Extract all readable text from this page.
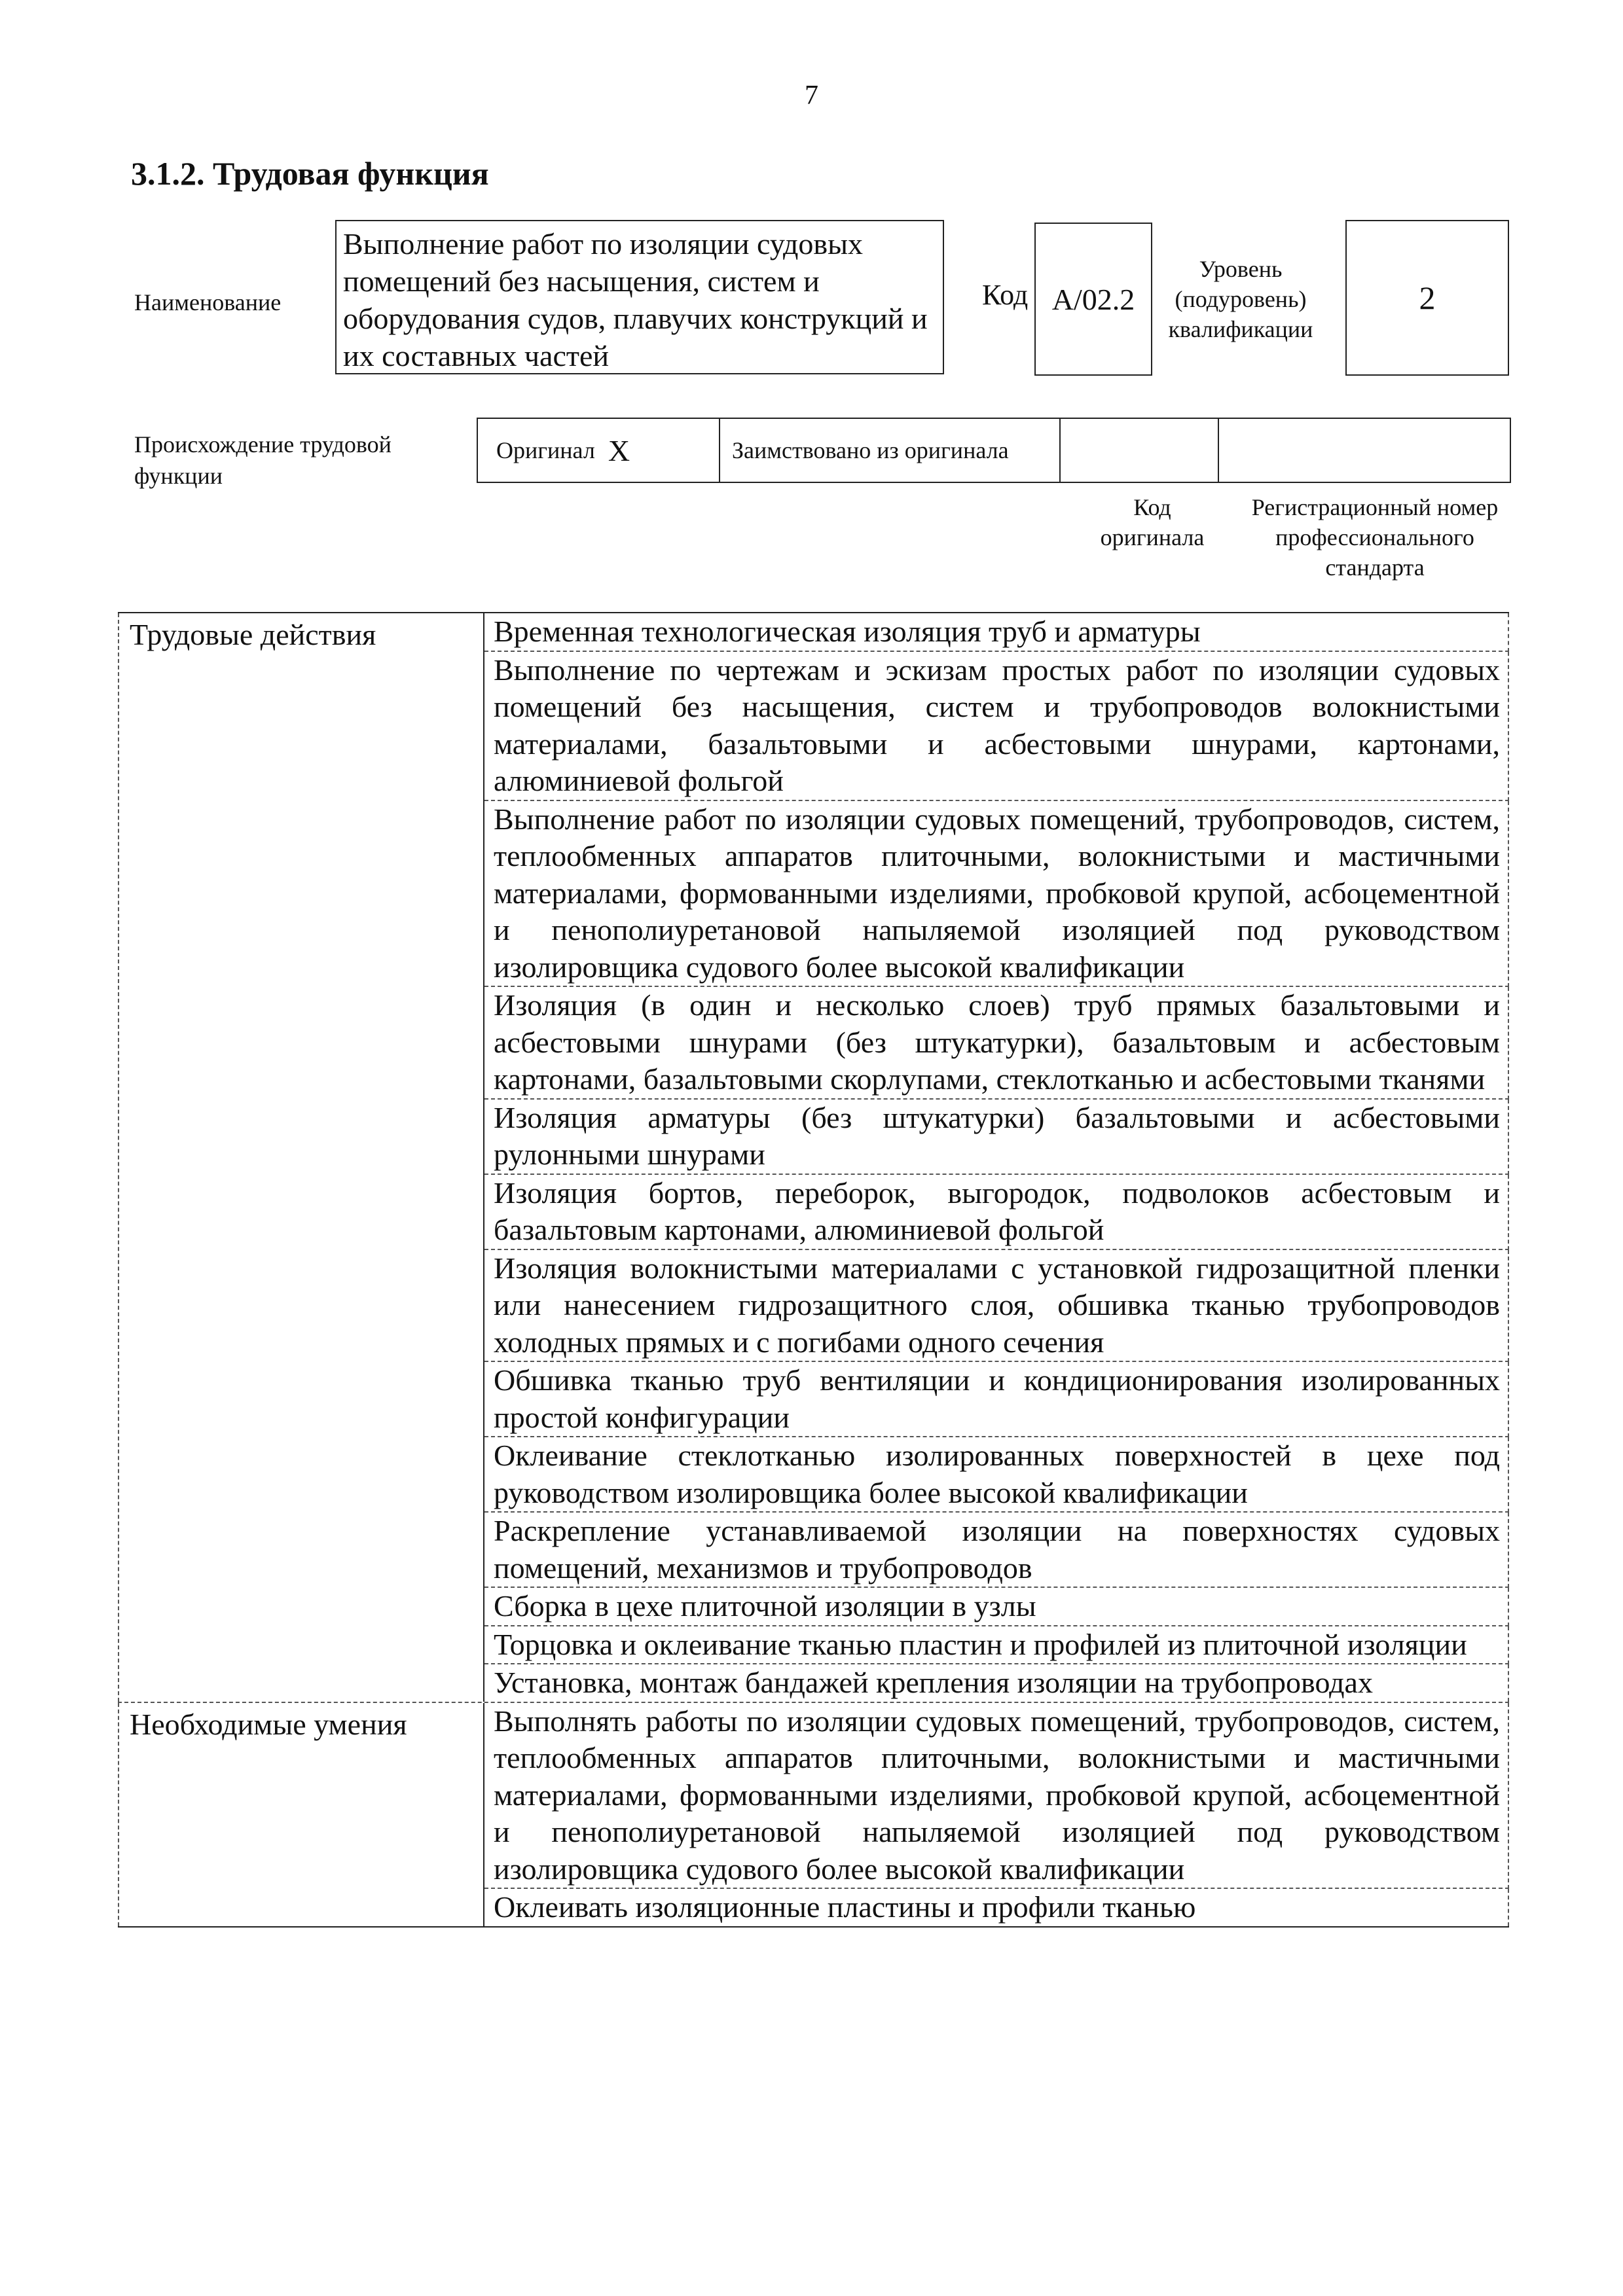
7
3.1.2. Трудовая функция
Наименование
Выполнение работ по изоляции судовых помещений без насыщения, систем и оборудования судов, плавучих конструкций и их составных частей
Код А/02.2
Уровень
(подуровень)
квалификации
2
Происхождение трудовой функции
Оригинал Х	Заимствовано из оригинала
Код
оригинала
Регистрационный номер
профессионального
стандарта
Трудовые действия	Временная технологическая изоляция труб и арматуры
Выполнение по чертежам и эскизам простых работ по изоляции судовых помещений без насыщения, систем и трубопроводов волокнистыми материалами, базальтовыми и асбестовыми шнурами, картонами, алюминиевой фольгой
Выполнение работ по изоляции судовых помещений, трубопроводов, систем, теплообменных аппаратов плиточными, волокнистыми и мастичными материалами, формованными изделиями, пробковой крупой, асбоцементной и пенополиуретановой напыляемой изоляцией под руководством изолировщика судового более высокой квалификации
Изоляция (в один и несколько слоев) труб прямых базальтовыми и асбестовыми шнурами (без штукатурки), базальтовым и асбестовым картонами, базальтовыми скорлупами, стеклотканью и асбестовыми тканями
Изоляция арматуры (без штукатурки) базальтовыми и асбестовыми рулонными шнурами
Изоляция бортов, переборок, выгородок, подволоков асбестовым и базальтовым картонами, алюминиевой фольгой
Изоляция волокнистыми материалами с установкой гидрозащитной пленки или нанесением гидрозащитного слоя, обшивка тканью трубопроводов холодных прямых и с погибами одного сечения
Обшивка тканью труб вентиляции и кондиционирования изолированных простой конфигурации
Оклеивание стеклотканью изолированных поверхностей в цехе под руководством изолировщика более высокой квалификации
Раскрепление устанавливаемой изоляции на поверхностях судовых помещений, механизмов и трубопроводов
Сборка в цехе плиточной изоляции в узлы
Торцовка и оклеивание тканью пластин и профилей из плиточной изоляции
Установка, монтаж бандажей крепления изоляции на трубопроводах
Необходимые умения	Выполнять работы по изоляции судовых помещений, трубопроводов, систем, теплообменных аппаратов плиточными, волокнистыми и мастичными материалами, формованными изделиями, пробковой крупой, асбоцементной и пенополиуретановой напыляемой изоляцией под руководством изолировщика судового более высокой квалификации
Оклеивать изоляционные пластины и профили тканью
